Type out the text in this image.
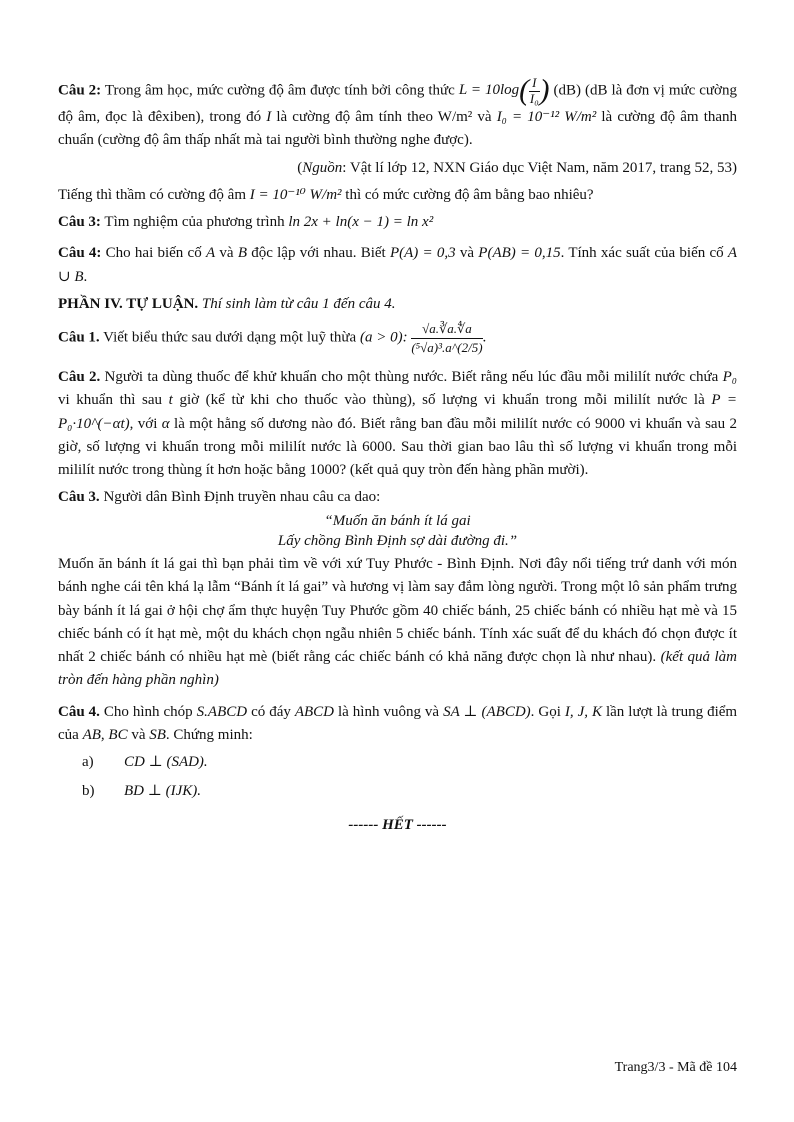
Câu 2: Trong âm học, mức cường độ âm được tính bởi công thức $L = 10\log( \frac{I}{\text{I₀}}$ ) (dB) (dB là đơn vị mức cường độ âm, đọc là đêxiben), trong đó I là cường độ âm tính theo W/m² và I₀ = 10⁻¹² W/m² là cường độ âm thanh chuẩn (cường độ âm thấp nhất mà tai người bình thường nghe được).

(Nguồn: Vật lí lớp 12, NXN Giáo dục Việt Nam, năm 2017, trang 52, 53)

Tiếng thì thầm có cường độ âm I = 10⁻¹⁰ W/m² thì có mức cường độ âm bằng bao nhiêu?

Câu 3: Tìm nghiệm của phương trình ln 2x + ln(x − 1) = ln x²

Câu 4: Cho hai biến cố A và B độc lập với nhau. Biết P(A) = 0,3 và P(AB) = 0,15. Tính xác suất của biến cố A ∪ B.

PHẦN IV. TỰ LUẬN. Thí sinh làm từ câu 1 đến câu 4.

Câu 1. Viết biểu thức sau dưới dạng một luỹ thừa (a > 0): $\frac{√a.∛a.∜a}{\text{(⁵√a)³.a\textasciicircum{}(2/5)}}$ .

Câu 2. Người ta dùng thuốc để khử khuẩn cho một thùng nước. Biết rằng nếu lúc đầu mỗi mililít nước chứa P₀ vi khuẩn thì sau t giờ (kể từ khi cho thuốc vào thùng), số lượng vi khuẩn trong mỗi mililít nước là P = P₀·10^(−αt), với α là một hằng số dương nào đó. Biết rằng ban đầu mỗi mililít nước có 9000 vi khuẩn và sau 2 giờ, số lượng vi khuẩn trong mỗi mililít nước là 6000. Sau thời gian bao lâu thì số lượng vi khuẩn trong mỗi mililít nước trong thùng ít hơn hoặc bằng 1000? (kết quả quy tròn đến hàng phần mười).

Câu 3. Người dân Bình Định truyền nhau câu ca dao:

“Muốn ăn bánh ít lá gai

Lấy chồng Bình Định sợ dài đường đi.”

Muốn ăn bánh ít lá gai thì bạn phải tìm về với xứ Tuy Phước - Bình Định. Nơi đây nổi tiếng trứ danh với món bánh nghe cái tên khá lạ lẫm “Bánh ít lá gai” và hương vị làm say đắm lòng người. Trong một lô sản phẩm trưng bày bánh ít lá gai ở hội chợ ẩm thực huyện Tuy Phước gồm 40 chiếc bánh, 25 chiếc bánh có nhiều hạt mè và 15 chiếc bánh có ít hạt mè, một du khách chọn ngẫu nhiên 5 chiếc bánh. Tính xác suất để du khách đó chọn được ít nhất 2 chiếc bánh có nhiều hạt mè (biết rằng các chiếc bánh có khả năng được chọn là như nhau). (kết quả làm tròn đến hàng phần nghìn)

Câu 4. Cho hình chóp S.ABCD có đáy ABCD là hình vuông và SA ⊥ (ABCD). Gọi I, J, K lần lượt là trung điểm của AB, BC và SB. Chứng minh:

a)	CD ⊥ (SAD).
b)	BD ⊥ (IJK).

------ HẾT ------

Trang3/3 - Mã đề 104
